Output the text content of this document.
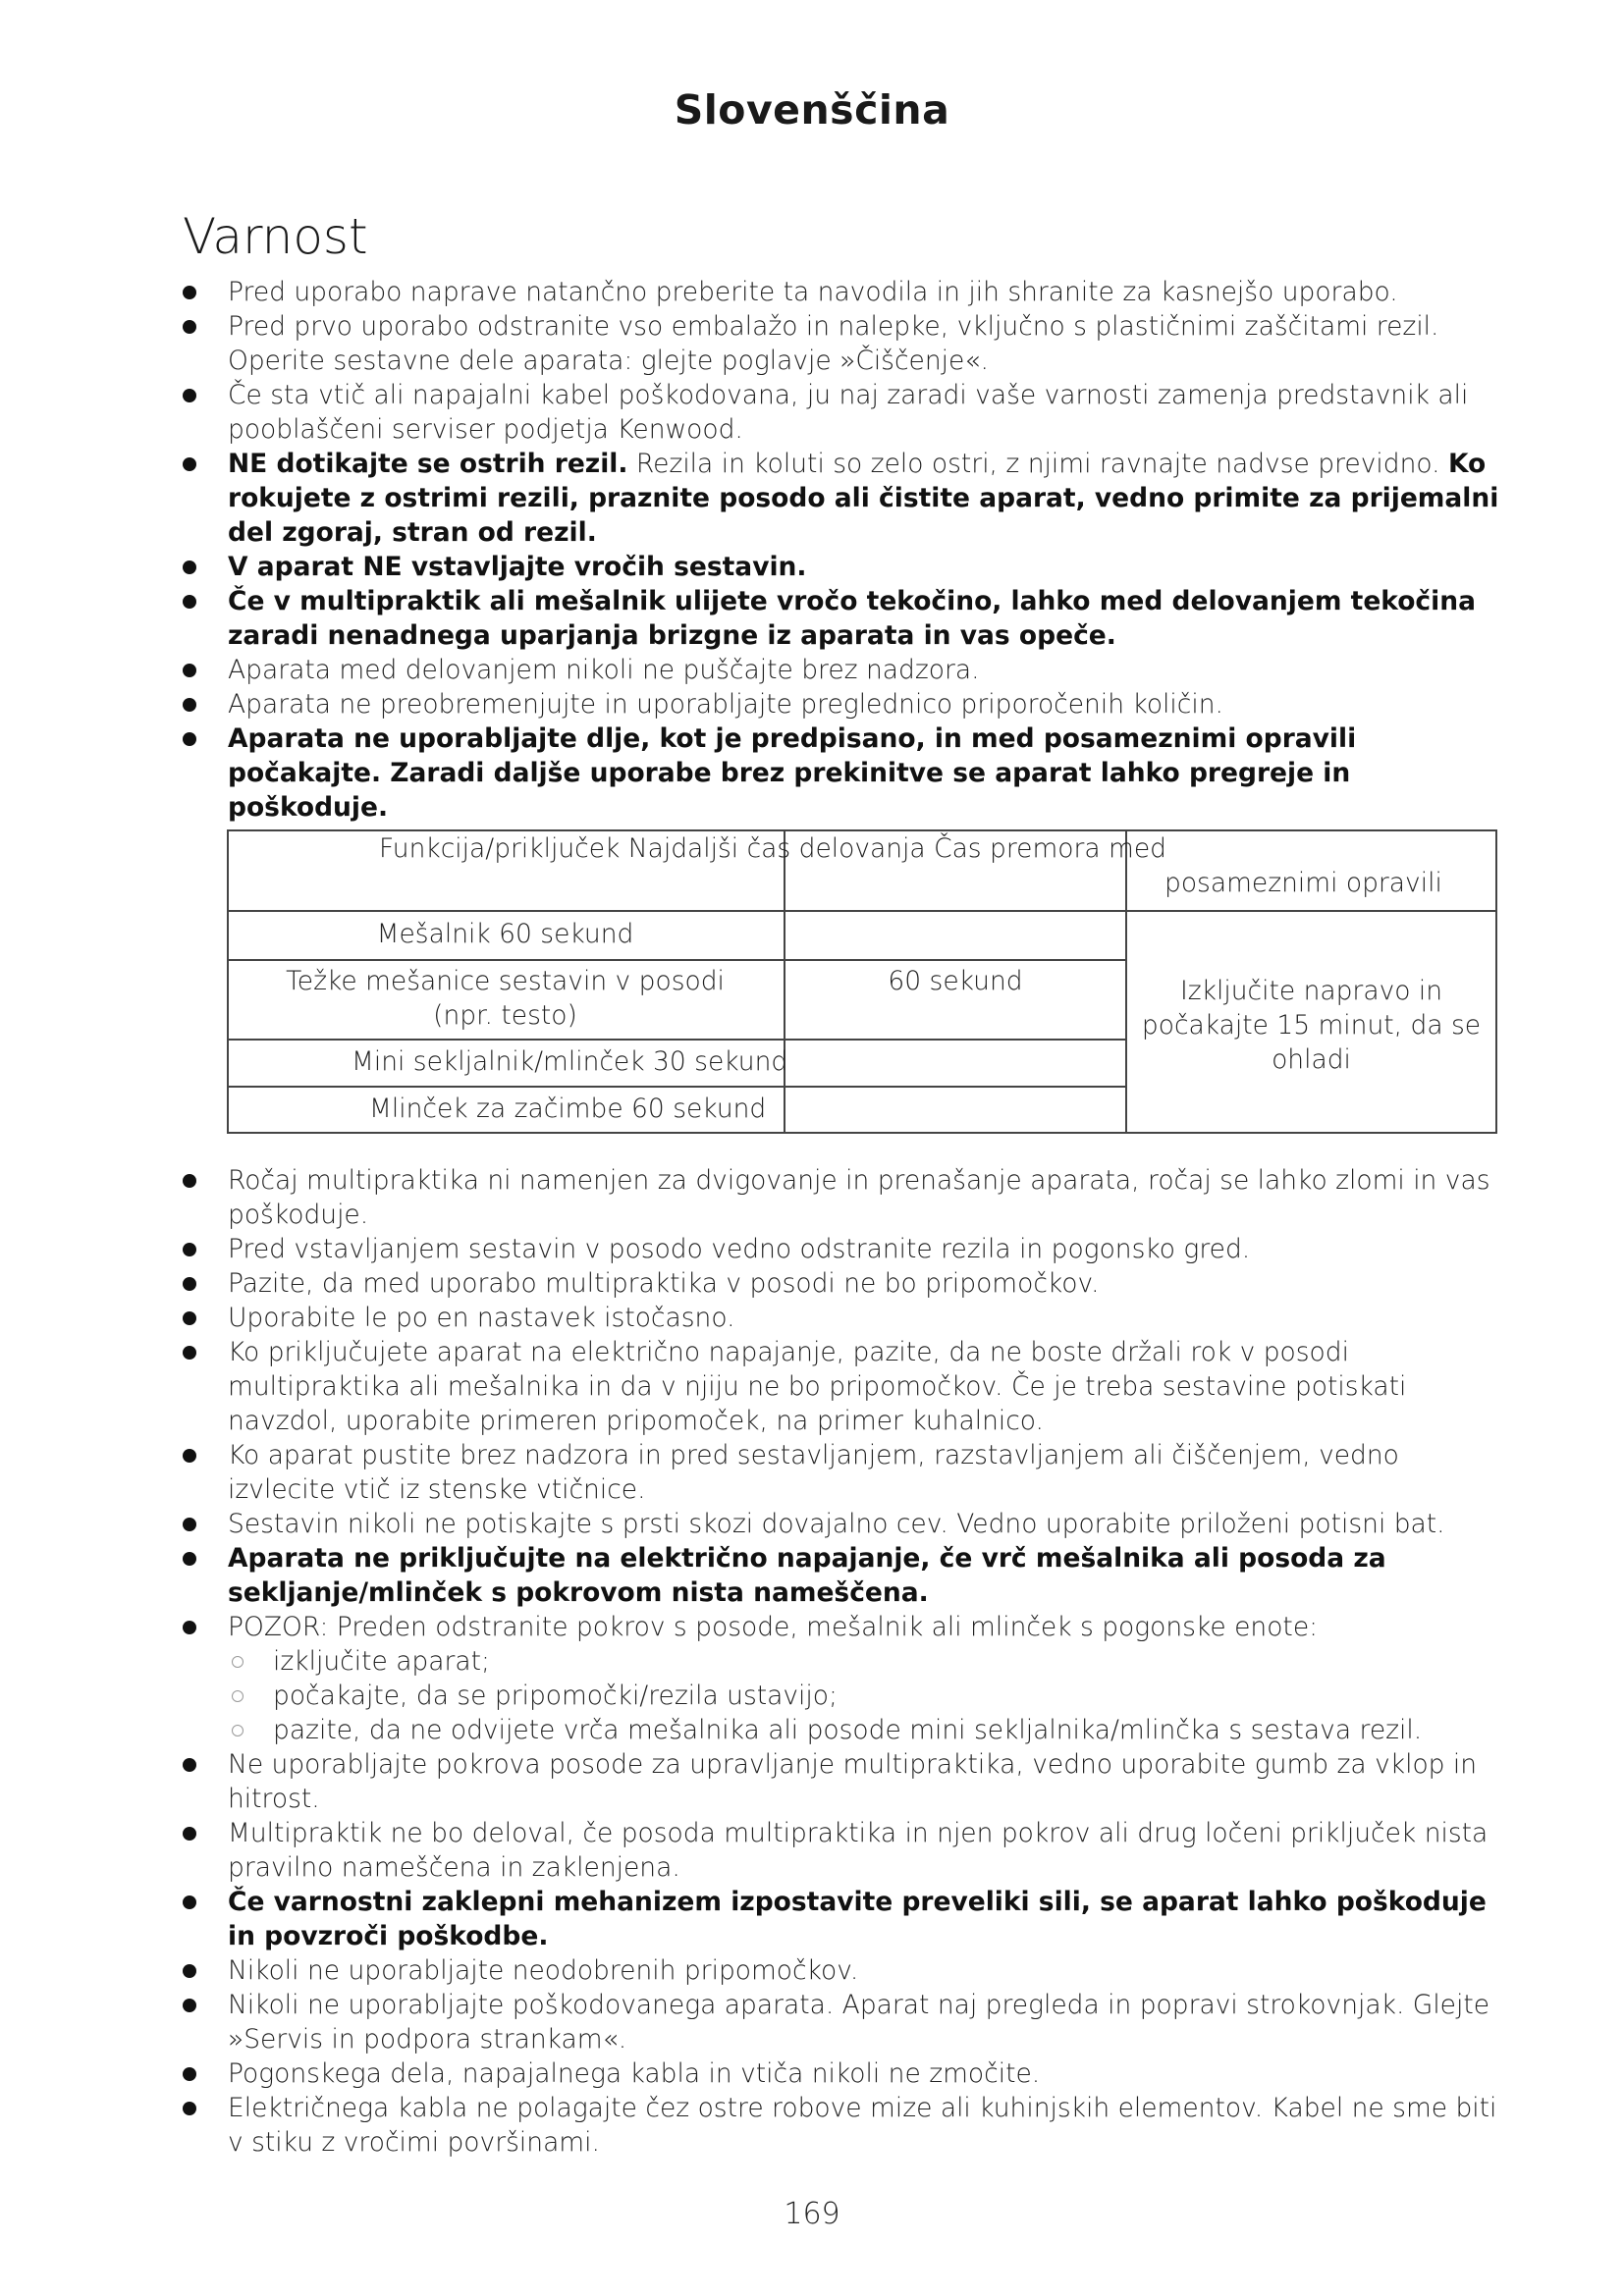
Slovenščina
Varnost
Pred uporabo naprave natančno preberite ta navodila in jih shranite za kasnejšo uporabo.
Pred prvo uporabo odstranite vso embalažo in nalepke, vključno s plastičnimi zaščitami rezil. Operite sestavne dele aparata: glejte poglavje »Čiščenje«.
Če sta vtič ali napajalni kabel poškodovana, ju naj zaradi vaše varnosti zamenja predstavnik ali pooblaščeni serviser podjetja Kenwood.
NE dotikajte se ostrih rezil. Rezila in koluti so zelo ostri, z njimi ravnajte nadvse previdno. Ko rokujete z ostrimi rezili, praznite posodo ali čistite aparat, vedno primite za prijemalni del zgoraj, stran od rezil.
V aparat NE vstavljajte vročih sestavin.
Če v multipraktik ali mešalnik ulijete vročo tekočino, lahko med delovanjem tekočina zaradi nenadnega uparjanja brizgne iz aparata in vas opeče.
Aparata med delovanjem nikoli ne puščajte brez nadzora.
Aparata ne preobremenjujte in uporabljajte preglednico priporočenih količin.
Aparata ne uporabljajte dlje, kot je predpisano, in med posameznimi opravili počakajte. Zaradi daljše uporabe brez prekinitve se aparat lahko pregreje in poškoduje.
Funkcija/priključek Najdaljši čas delovanja Čas premora med
posameznimi opravili
Mešalnik 60 sekund
Težke mešanice sestavin v posodi
(npr. testo)
60 sekund
Mini sekljalnik/mlinček 30 sekund
Mlinček za začimbe 60 sekund
Izključite napravo in
počakajte 15 minut, da se
ohladi
Ročaj multipraktika ni namenjen za dvigovanje in prenašanje aparata, ročaj se lahko zlomi in vas poškoduje.
Pred vstavljanjem sestavin v posodo vedno odstranite rezila in pogonsko gred.
Pazite, da med uporabo multipraktika v posodi ne bo pripomočkov.
Uporabite le po en nastavek istočasno.
Ko priključujete aparat na električno napajanje, pazite, da ne boste držali rok v posodi multipraktika ali mešalnika in da v njiju ne bo pripomočkov. Če je treba sestavine potiskati navzdol, uporabite primeren pripomoček, na primer kuhalnico.
Ko aparat pustite brez nadzora in pred sestavljanjem, razstavljanjem ali čiščenjem, vedno izvlecite vtič iz stenske vtičnice.
Sestavin nikoli ne potiskajte s prsti skozi dovajalno cev. Vedno uporabite priloženi potisni bat.
Aparata ne priključujte na električno napajanje, če vrč mešalnika ali posoda za sekljanje/mlinček s pokrovom nista nameščena.
POZOR: Preden odstranite pokrov s posode, mešalnik ali mlinček s pogonske enote:
izključite aparat;
počakajte, da se pripomočki/rezila ustavijo;
pazite, da ne odvijete vrča mešalnika ali posode mini sekljalnika/mlinčka s sestava rezil.
Ne uporabljajte pokrova posode za upravljanje multipraktika, vedno uporabite gumb za vklop in hitrost.
Multipraktik ne bo deloval, če posoda multipraktika in njen pokrov ali drug ločeni priključek nista pravilno nameščena in zaklenjena.
Če varnostni zaklepni mehanizem izpostavite preveliki sili, se aparat lahko poškoduje in povzroči poškodbe.
Nikoli ne uporabljajte neodobrenih pripomočkov.
Nikoli ne uporabljajte poškodovanega aparata. Aparat naj pregleda in popravi strokovnjak. Glejte »Servis in podpora strankam«.
Pogonskega dela, napajalnega kabla in vtiča nikoli ne zmočite.
Električnega kabla ne polagajte čez ostre robove mize ali kuhinjskih elementov. Kabel ne sme biti v stiku z vročimi površinami.
169
